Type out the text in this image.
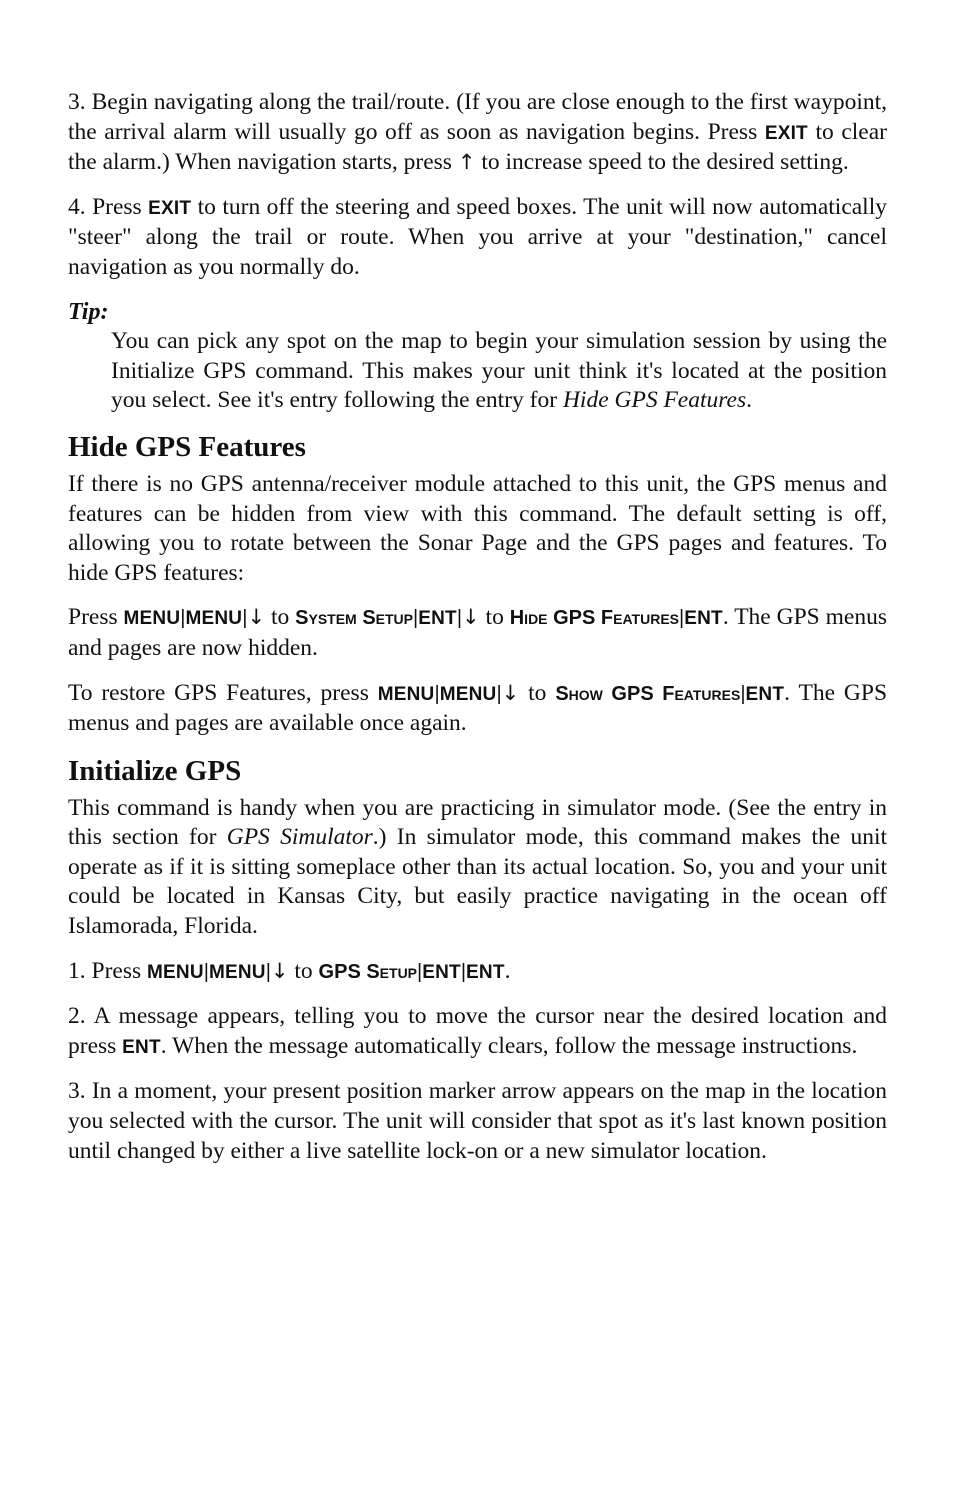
3. Begin navigating along the trail/route. (If you are close enough to the first waypoint, the arrival alarm will usually go off as soon as navigation begins. Press EXIT to clear the alarm.) When navigation starts, press ↑ to increase speed to the desired setting.

4. Press EXIT to turn off the steering and speed boxes. The unit will now automatically "steer" along the trail or route. When you arrive at your "destination," cancel navigation as you normally do.

Tip:

You can pick any spot on the map to begin your simulation session by using the Initialize GPS command. This makes your unit think it's located at the position you select. See it's entry following the entry for Hide GPS Features.

Hide GPS Features

If there is no GPS antenna/receiver module attached to this unit, the GPS menus and features can be hidden from view with this command. The default setting is off, allowing you to rotate between the Sonar Page and the GPS pages and features. To hide GPS features:

Press MENU|MENU|↓ to System Setup|ENT|↓ to Hide GPS Features|ENT. The GPS menus and pages are now hidden.

To restore GPS Features, press MENU|MENU|↓ to Show GPS Features|ENT. The GPS menus and pages are available once again.

Initialize GPS

This command is handy when you are practicing in simulator mode. (See the entry in this section for GPS Simulator.) In simulator mode, this command makes the unit operate as if it is sitting someplace other than its actual location. So, you and your unit could be located in Kansas City, but easily practice navigating in the ocean off Islamorada, Florida.

1. Press MENU|MENU|↓ to GPS Setup|ENT|ENT.

2. A message appears, telling you to move the cursor near the desired location and press ENT. When the message automatically clears, follow the message instructions.

3. In a moment, your present position marker arrow appears on the map in the location you selected with the cursor. The unit will consider that spot as it's last known position until changed by either a live satellite lock-on or a new simulator location.
